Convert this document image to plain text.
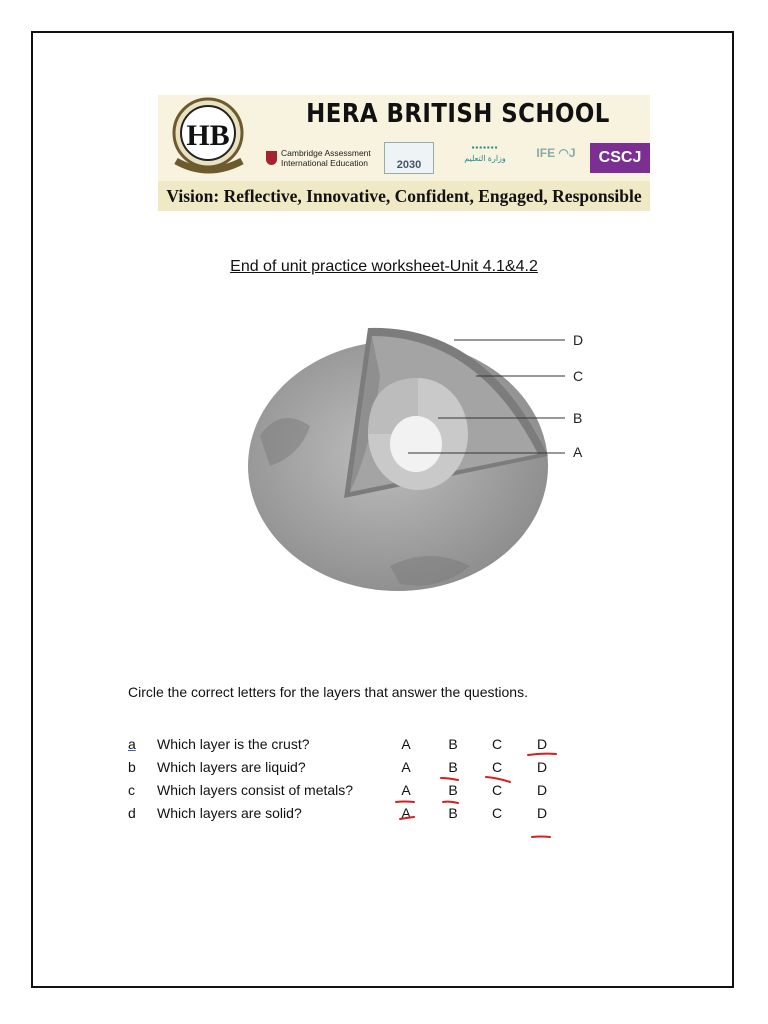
HB
HERA BRITISH SCHOOL
Cambridge Assessment
International Education	2030
▪▪▪▪▪▪▪
وزارة التعليم	IFE ◠J	CSCJ
Vision: Reflective, Innovative, Confident, Engaged, Responsible
End of unit practice worksheet-Unit 4.1&4.2
D
C
B
A
Circle the correct letters for the layers that answer the questions.
a	Which layer is the crust?	A	B C D
b	Which layers are liquid?	A	B C D
c	Which layers consist of metals?	A	B C D
d	Which layers are solid?	A	B C D
